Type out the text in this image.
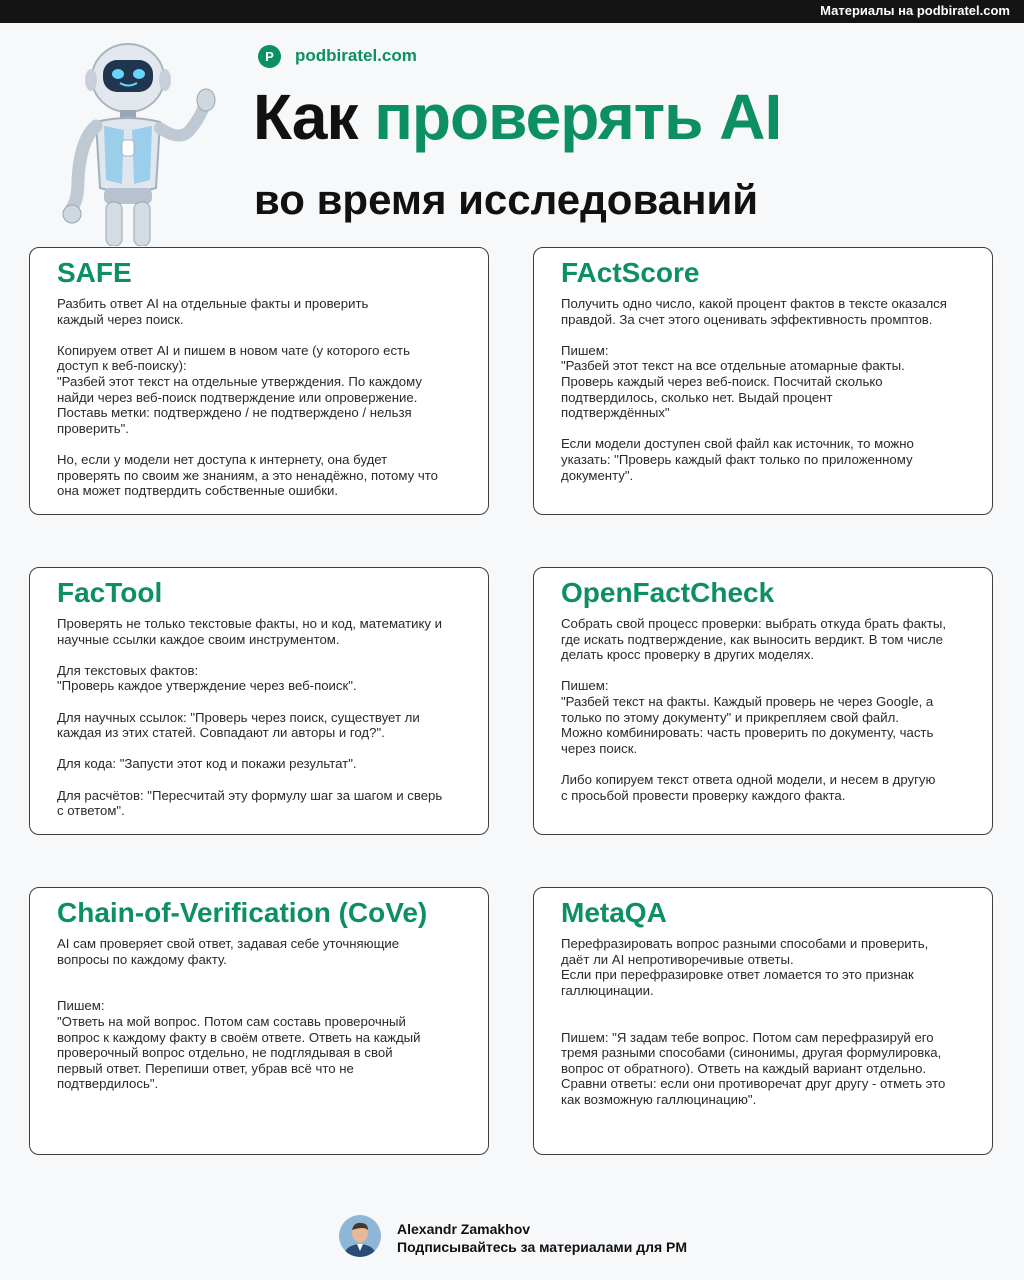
Материалы на podbiratel.com
P	podbiratel.com
Как проверять AI
во время исследований
SAFE
Разбить ответ AI на отдельные факты и проверить
каждый через поиск.

Копируем ответ AI и пишем в новом чате (у которого есть
доступ к веб-поиску):
"Разбей этот текст на отдельные утверждения. По каждому
найди через веб-поиск подтверждение или опровержение.
Поставь метки: подтверждено / не подтверждено / нельзя
проверить".

Но, если у модели нет доступа к интернету, она будет
проверять по своим же знаниям, а это ненадёжно, потому что
она может подтвердить собственные ошибки.
FActScore
Получить одно число, какой процент фактов в тексте оказался
правдой. За счет этого оценивать эффективность промптов.

Пишем:
"Разбей этот текст на все отдельные атомарные факты.
Проверь каждый через веб-поиск. Посчитай сколько
подтвердилось, сколько нет. Выдай процент
подтверждённых"

Если модели доступен свой файл как источник, то можно
указать: "Проверь каждый факт только по приложенному
документу".
FacTool
Проверять не только текстовые факты, но и код, математику и
научные ссылки каждое своим инструментом.

Для текстовых фактов:
"Проверь каждое утверждение через веб-поиск".

Для научных ссылок: "Проверь через поиск, существует ли
каждая из этих статей. Совпадают ли авторы и год?".

Для кода: "Запусти этот код и покажи результат".

Для расчётов: "Пересчитай эту формулу шаг за шагом и сверь
с ответом".
OpenFactCheck
Собрать свой процесс проверки: выбрать откуда брать факты,
где искать подтверждение, как выносить вердикт. В том числе
делать кросс проверку в других моделях.

Пишем:
"Разбей текст на факты. Каждый проверь не через Google, а
только по этому документу" и прикрепляем свой файл.
Можно комбинировать: часть проверить по документу, часть
через поиск.

Либо копируем текст ответа одной модели, и несем в другую
с просьбой провести проверку каждого факта.
Chain-of-Verification (CoVe)
AI сам проверяет свой ответ, задавая себе уточняющие
вопросы по каждому факту.

Пишем:
"Ответь на мой вопрос. Потом сам составь проверочный
вопрос к каждому факту в своём ответе. Ответь на каждый
проверочный вопрос отдельно, не подглядывая в свой
первый ответ. Перепиши ответ, убрав всё что не
подтвердилось".
MetaQA
Перефразировать вопрос разными способами и проверить,
даёт ли AI непротиворечивые ответы.
Если при перефразировке ответ ломается то это признак
галлюцинации.

Пишем: "Я задам тебе вопрос. Потом сам перефразируй его
тремя разными способами (синонимы, другая формулировка,
вопрос от обратного). Ответь на каждый вариант отдельно.
Сравни ответы: если они противоречат друг другу - отметь это
как возможную галлюцинацию".
Alexandr Zamakhov
Подписывайтесь за материалами для PM
